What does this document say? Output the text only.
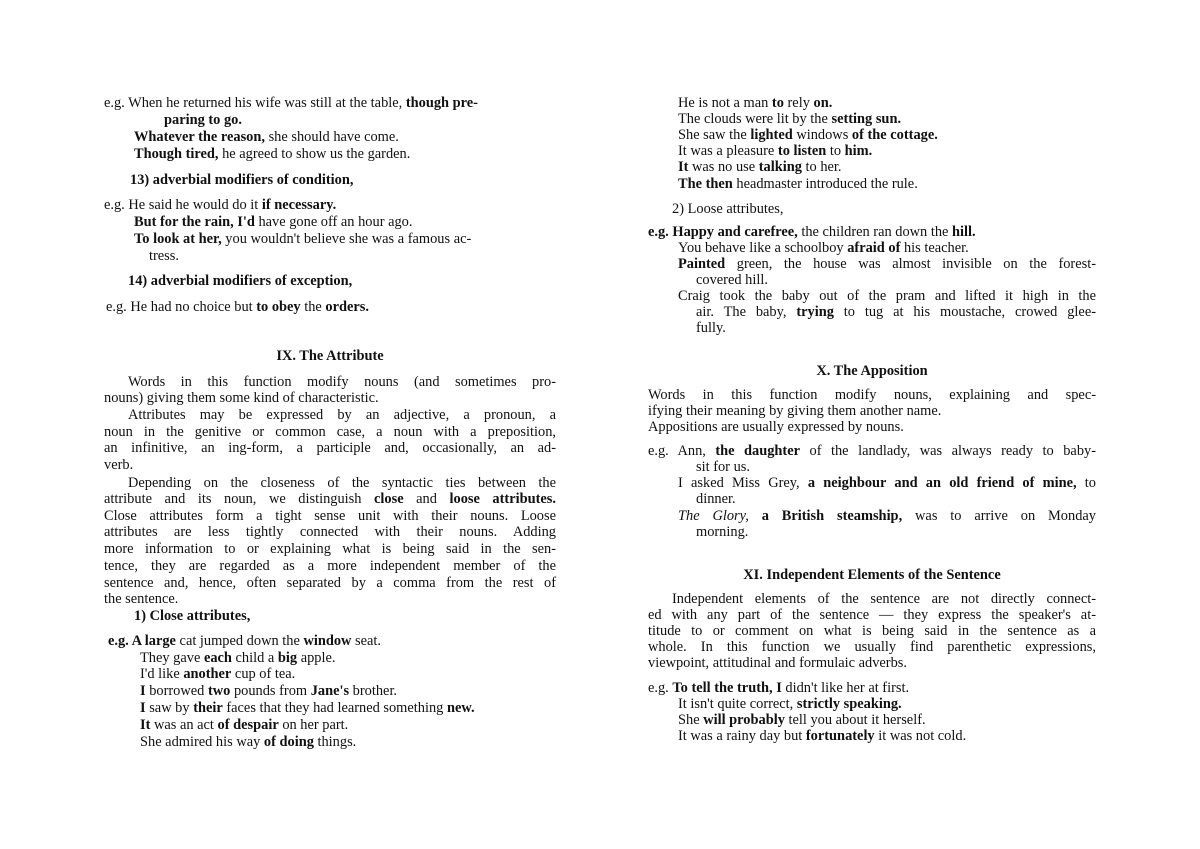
e.g. When he returned his wife was still at the table, though pre-
paring to go.
Whatever the reason, she should have come.
Though tired, he agreed to show us the garden.
13) adverbial modifiers of condition,
e.g. He said he would do it if necessary.
But for the rain, I'd have gone off an hour ago.
To look at her, you wouldn't believe she was a famous ac-
tress.
14) adverbial modifiers of exception,
e.g. He had no choice but to obey the orders.
IX. The Attribute
Words in this function modify nouns (and sometimes pro-
nouns) giving them some kind of characteristic.
Attributes may be expressed by an adjective, a pronoun, a
noun in the genitive or common case, a noun with a preposition,
an infinitive, an ing-form, a participle and, occasionally, an ad-
verb.
Depending on the closeness of the syntactic ties between the
attribute and its noun, we distinguish close and loose attributes.
Close attributes form a tight sense unit with their nouns. Loose
attributes are less tightly connected with their nouns. Adding
more information to or explaining what is being said in the sen-
tence, they are regarded as a more independent member of the
sentence and, hence, often separated by a comma from the rest of
the sentence.
1) Close attributes,
e.g. A large cat jumped down the window seat.
They gave each child a big apple.
I'd like another cup of tea.
I borrowed two pounds from Jane's brother.
I saw by their faces that they had learned something new.
It was an act of despair on her part.
She admired his way of doing things.
He is not a man to rely on.
The clouds were lit by the setting sun.
She saw the lighted windows of the cottage.
It was a pleasure to listen to him.
It was no use talking to her.
The then headmaster introduced the rule.
2) Loose attributes,
e.g. Happy and carefree, the children ran down the hill.
You behave like a schoolboy afraid of his teacher.
Painted green, the house was almost invisible on the forest-
covered hill.
Craig took the baby out of the pram and lifted it high in the
air. The baby, trying to tug at his moustache, crowed glee-
fully.
X. The Apposition
Words in this function modify nouns, explaining and spec-
ifying their meaning by giving them another name.
Appositions are usually expressed by nouns.
e.g. Ann, the daughter of the landlady, was always ready to baby-
sit for us.
I asked Miss Grey, a neighbour and an old friend of mine, to
dinner.
The Glory, a British steamship, was to arrive on Monday
morning.
XI. Independent Elements of the Sentence
Independent elements of the sentence are not directly connect-
ed with any part of the sentence — they express the speaker's at-
titude to or comment on what is being said in the sentence as a
whole. In this function we usually find parenthetic expressions,
viewpoint, attitudinal and formulaic adverbs.
e.g. To tell the truth, I didn't like her at first.
It isn't quite correct, strictly speaking.
She will probably tell you about it herself.
It was a rainy day but fortunately it was not cold.
